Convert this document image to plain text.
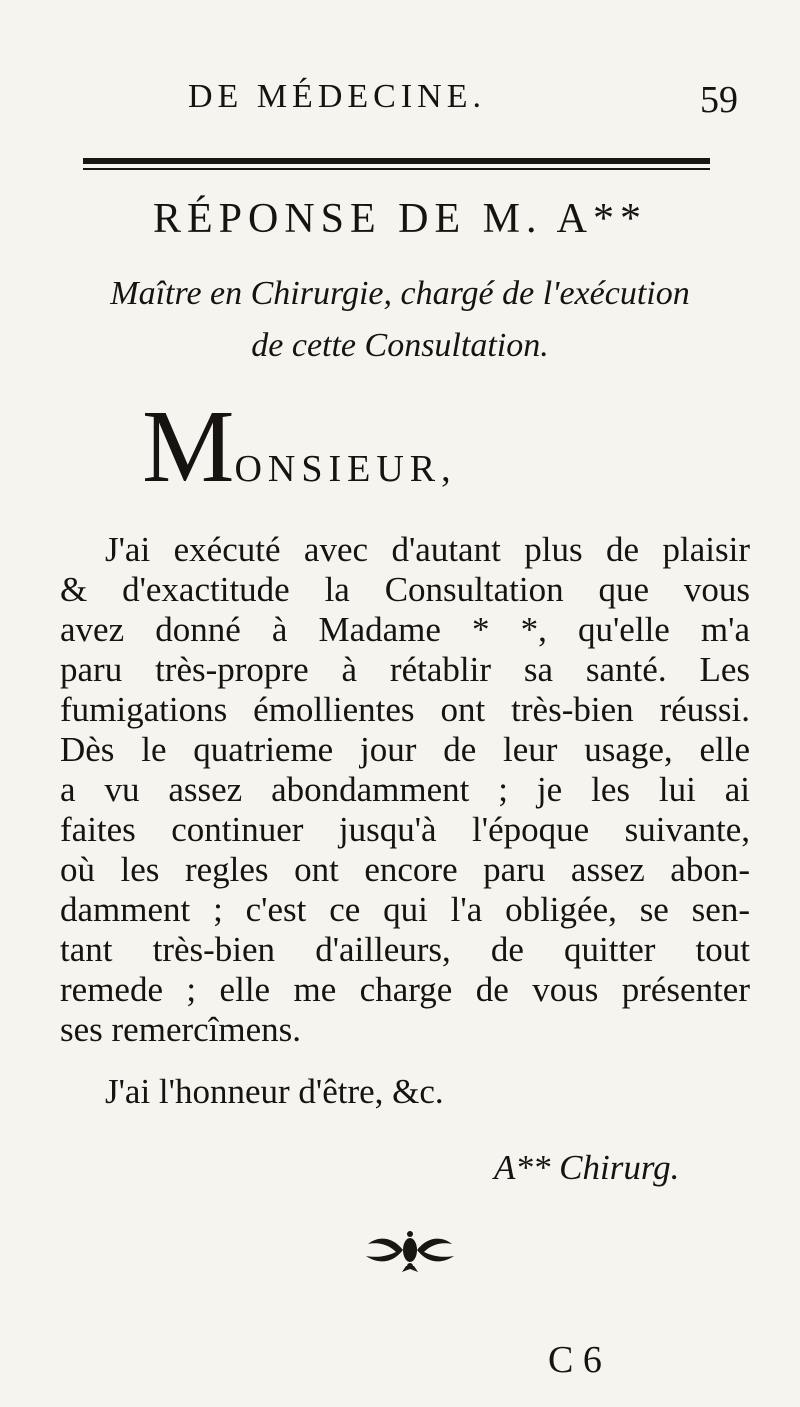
DE MÉDECINE.	59
RÉPONSE DE M. A**
Maître en Chirurgie, chargé de l'exécution
de cette Consultation.
MONSIEUR,
J'ai exécuté avec d'autant plus de plaisir
& d'exactitude la Consultation que vous
avez donné à Madame * *, qu'elle m'a
paru très-propre à rétablir sa santé. Les
fumigations émollientes ont très-bien réussi.
Dès le quatrieme jour de leur usage, elle
a vu assez abondamment ; je les lui ai
faites continuer jusqu'à l'époque suivante,
où les regles ont encore paru assez abon-
damment ; c'est ce qui l'a obligée, se sen-
tant très-bien d'ailleurs, de quitter tout
remede ; elle me charge de vous présenter
ses remercîmens.
J'ai l'honneur d'être, &c.
A** Chirurg.
C 6
